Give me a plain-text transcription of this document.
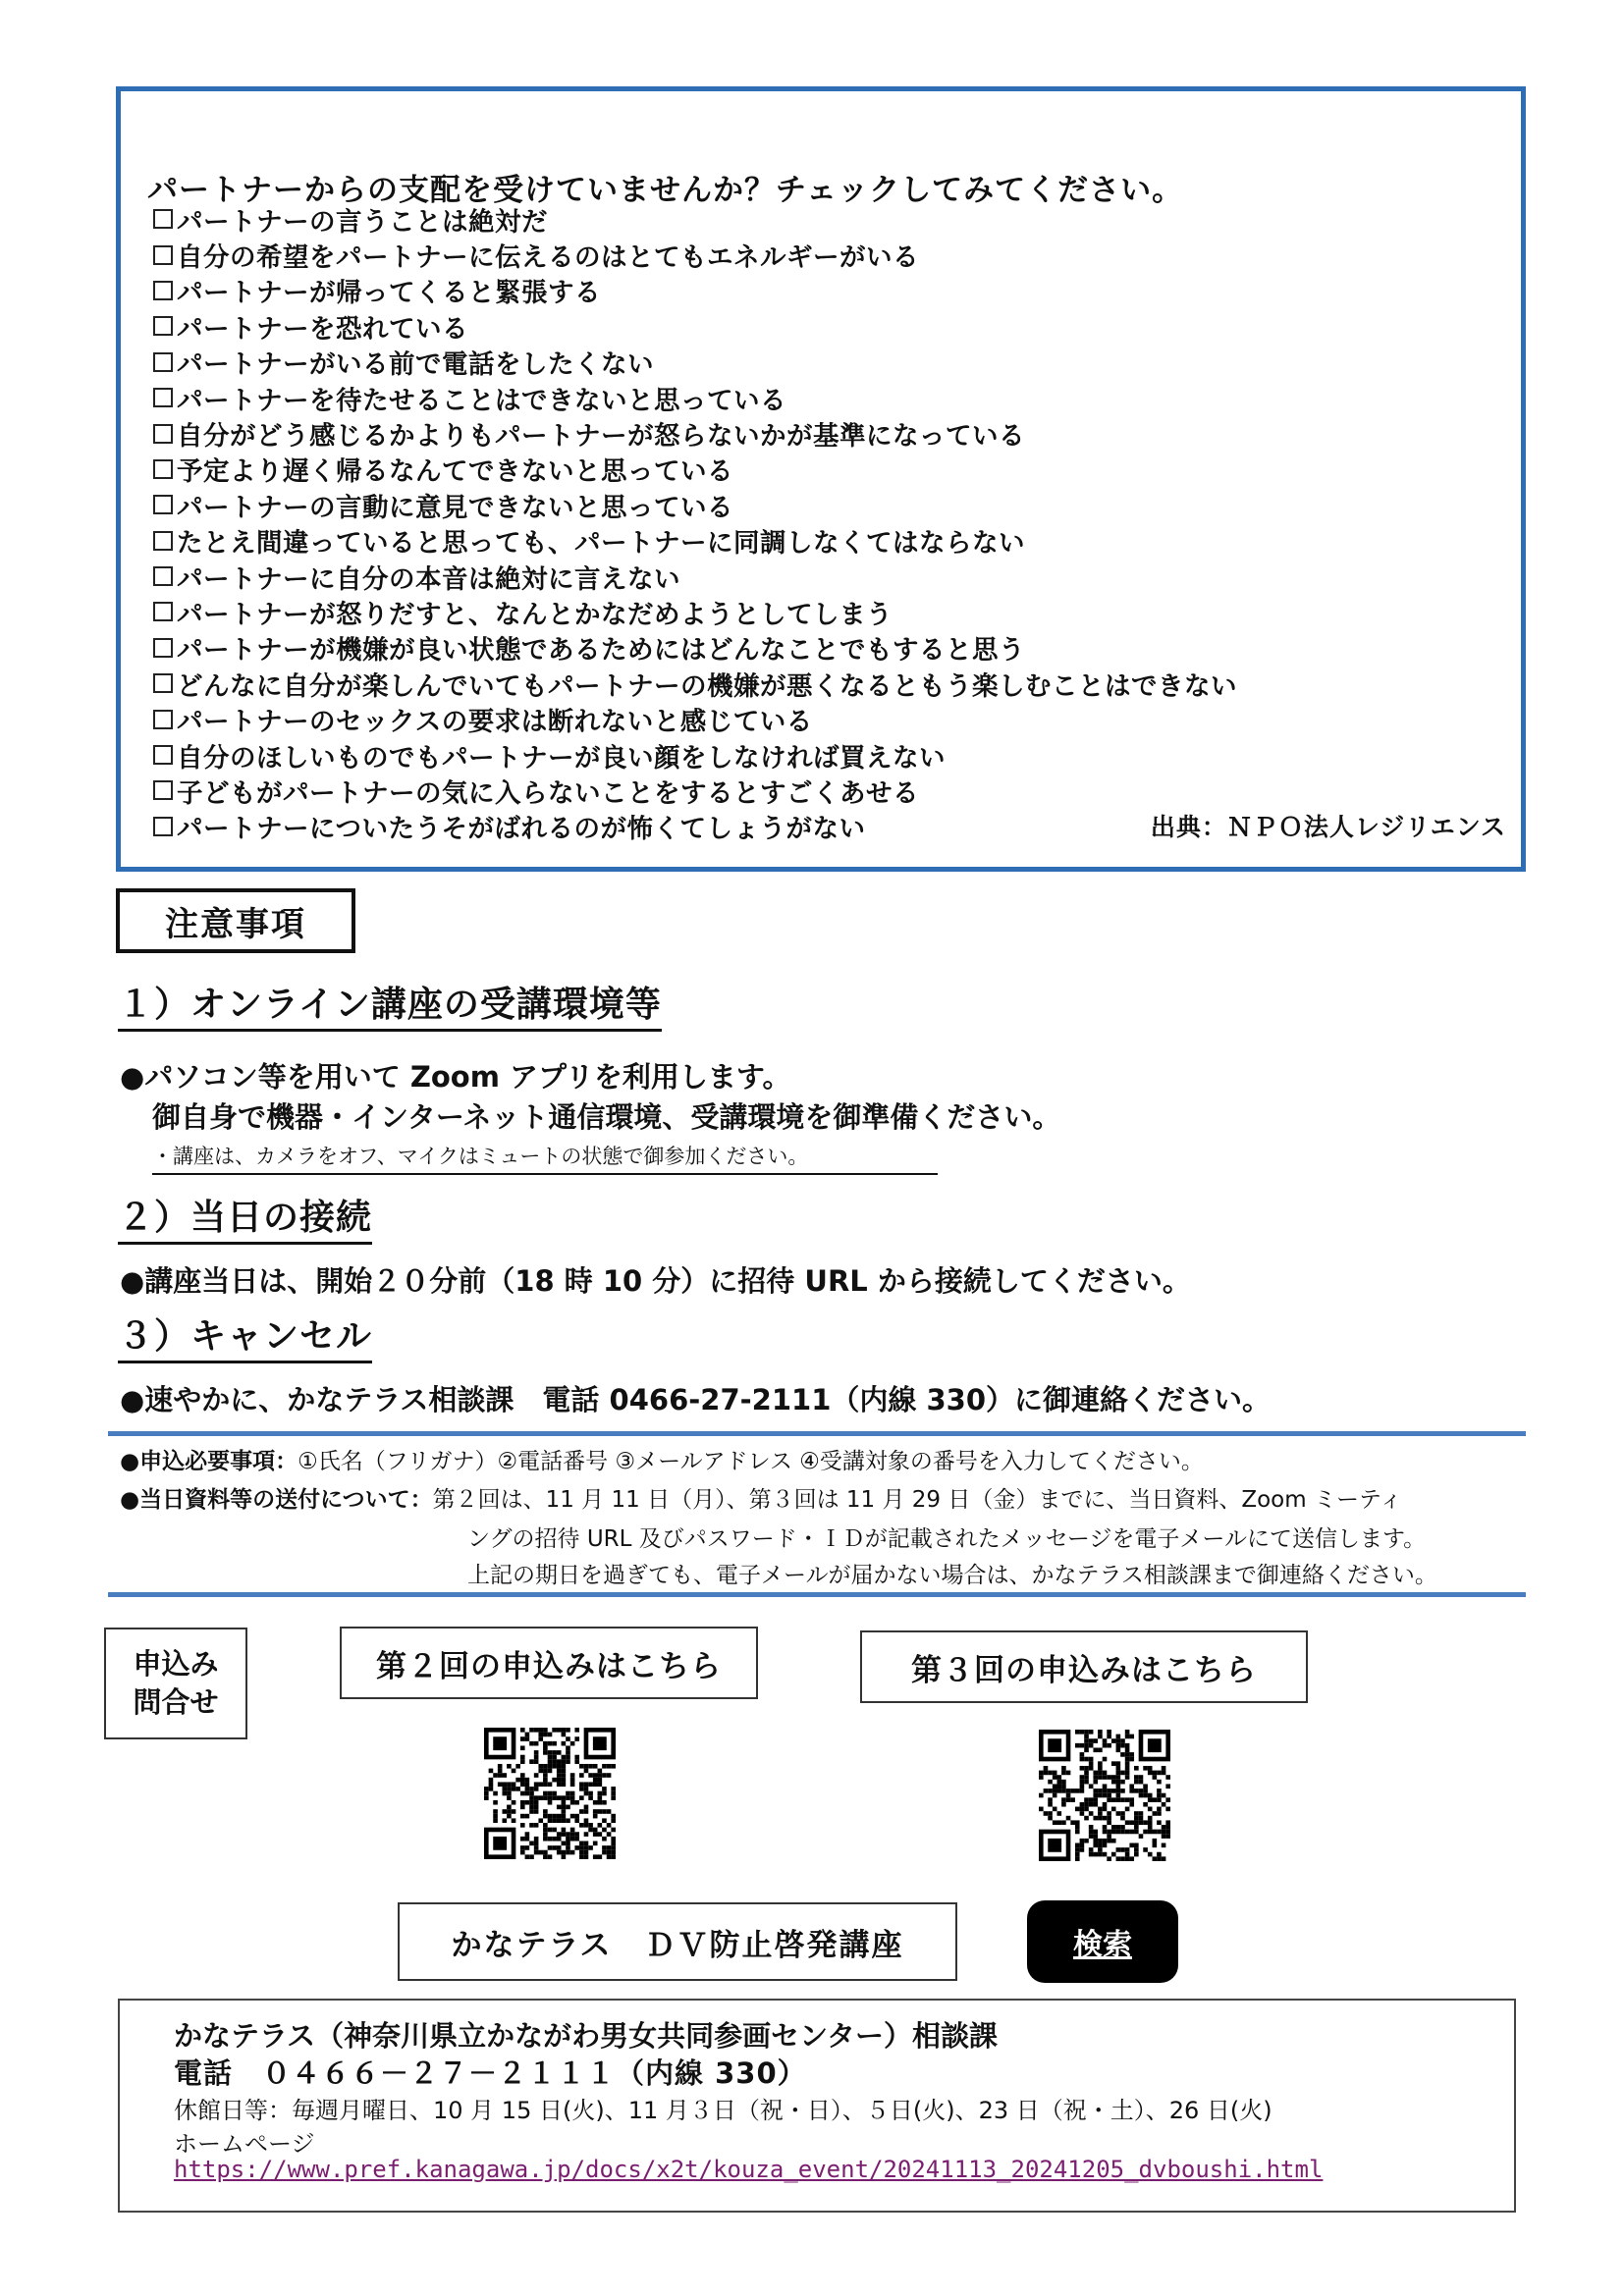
パートナーからの支配を受けていませんか？チェックしてみてください。
パートナーの言うことは絶対だ
自分の希望をパートナーに伝えるのはとてもエネルギーがいる
パートナーが帰ってくると緊張する
パートナーを恐れている
パートナーがいる前で電話をしたくない
パートナーを待たせることはできないと思っている
自分がどう感じるかよりもパートナーが怒らないかが基準になっている
予定より遅く帰るなんてできないと思っている
パートナーの言動に意見できないと思っている
たとえ間違っていると思っても、パートナーに同調しなくてはならない
パートナーに自分の本音は絶対に言えない
パートナーが怒りだすと、なんとかなだめようとしてしまう
パートナーが機嫌が良い状態であるためにはどんなことでもすると思う
どんなに自分が楽しんでいてもパートナーの機嫌が悪くなるともう楽しむことはできない
パートナーのセックスの要求は断れないと感じている
自分のほしいものでもパートナーが良い顔をしなければ買えない
子どもがパートナーの気に入らないことをするとすごくあせる
パートナーについたうそがばれるのが怖くてしょうがない	出典：ＮＰＯ法人レジリエンス
注意事項
１）オンライン講座の受講環境等
●パソコン等を用いて Zoom アプリを利用します。
御自身で機器・インターネット通信環境、受講環境を御準備ください。
・講座は、カメラをオフ、マイクはミュートの状態で御参加ください。
２）当日の接続
●講座当日は、開始２０分前（18 時 10 分）に招待 URL から接続してください。
３）キャンセル
●速やかに、かなテラス相談課　電話 0466-27-2111（内線 330）に御連絡ください。
●申込必要事項：①氏名（フリガナ）②電話番号 ③メールアドレス ④受講対象の番号を入力してください。
●当日資料等の送付について：第２回は、11 月 11 日（月）、第３回は 11 月 29 日（金）までに、当日資料、Zoom ミーティ
ングの招待 URL 及びパスワード・ＩＤが記載されたメッセージを電子メールにて送信します。
上記の期日を過ぎても、電子メールが届かない場合は、かなテラス相談課まで御連絡ください。
申込み
問合せ
第２回の申込みはこちら	第３回の申込みはこちら
かなテラス　ＤＶ防止啓発講座	検索
かなテラス（神奈川県立かながわ男女共同参画センター）相談課
電話　０４６６－２７－２１１１（内線 330）
休館日等：毎週月曜日、10 月 15 日(火)、11 月３日（祝・日）、５日(火)、23 日（祝・土）、26 日(火)
ホームページ
https://www.pref.kanagawa.jp/docs/x2t/kouza_event/20241113_20241205_dvboushi.html
